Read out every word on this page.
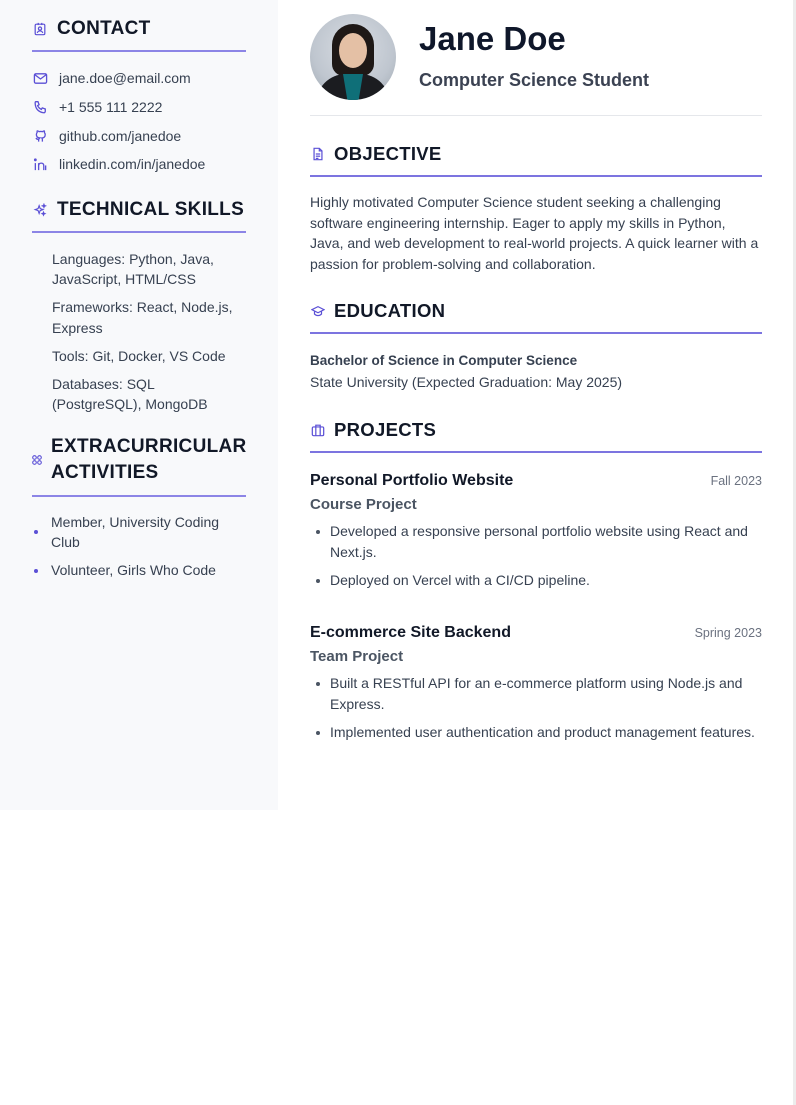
CONTACT
jane.doe@email.com
+1 555 111 2222
github.com/janedoe
linkedin.com/in/janedoe
TECHNICAL SKILLS
Languages: Python, Java, JavaScript, HTML/CSS
Frameworks: React, Node.js, Express
Tools: Git, Docker, VS Code
Databases: SQL (PostgreSQL), MongoDB
EXTRACURRICULAR ACTIVITIES
Member, University Coding Club
Volunteer, Girls Who Code
Jane Doe
Computer Science Student
OBJECTIVE

Highly motivated Computer Science student seeking a challenging software engineering internship. Eager to apply my skills in Python, Java, and web development to real-world projects. A quick learner with a passion for problem-solving and collaboration.

EDUCATION
Bachelor of Science in Computer Science
State University (Expected Graduation: May 2025)
PROJECTS
Personal Portfolio Website	Fall 2023
Course Project
Developed a responsive personal portfolio website using React and Next.js.
Deployed on Vercel with a CI/CD pipeline.
E-commerce Site Backend	Spring 2023
Team Project
Built a RESTful API for an e-commerce platform using Node.js and Express.
Implemented user authentication and product management features.
